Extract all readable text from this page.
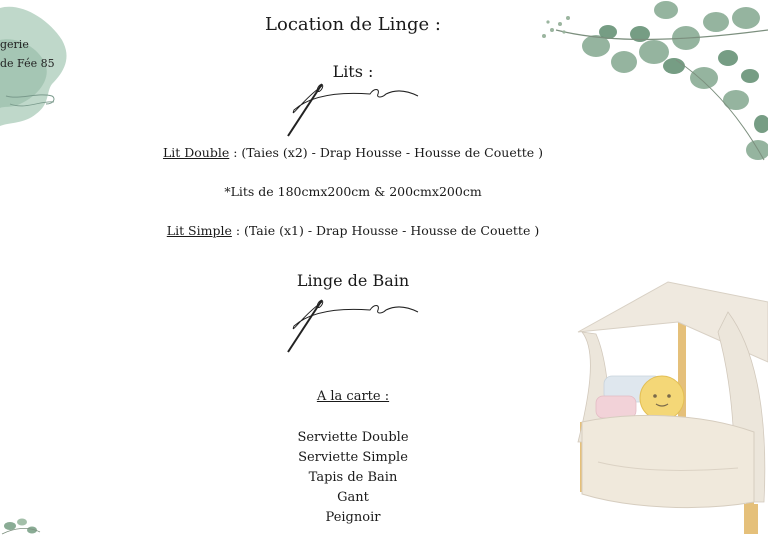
gerie
de Fée 85
Location de Linge :
Lits :
Lit Double : (Taies (x2) - Drap Housse - Housse de Couette )
*Lits de 180cmx200cm & 200cmx200cm
Lit Simple : (Taie (x1) - Drap Housse - Housse de Couette )
Linge de Bain
A la carte :
Serviette Double
Serviette Simple
Tapis de Bain
Gant
Peignoir
